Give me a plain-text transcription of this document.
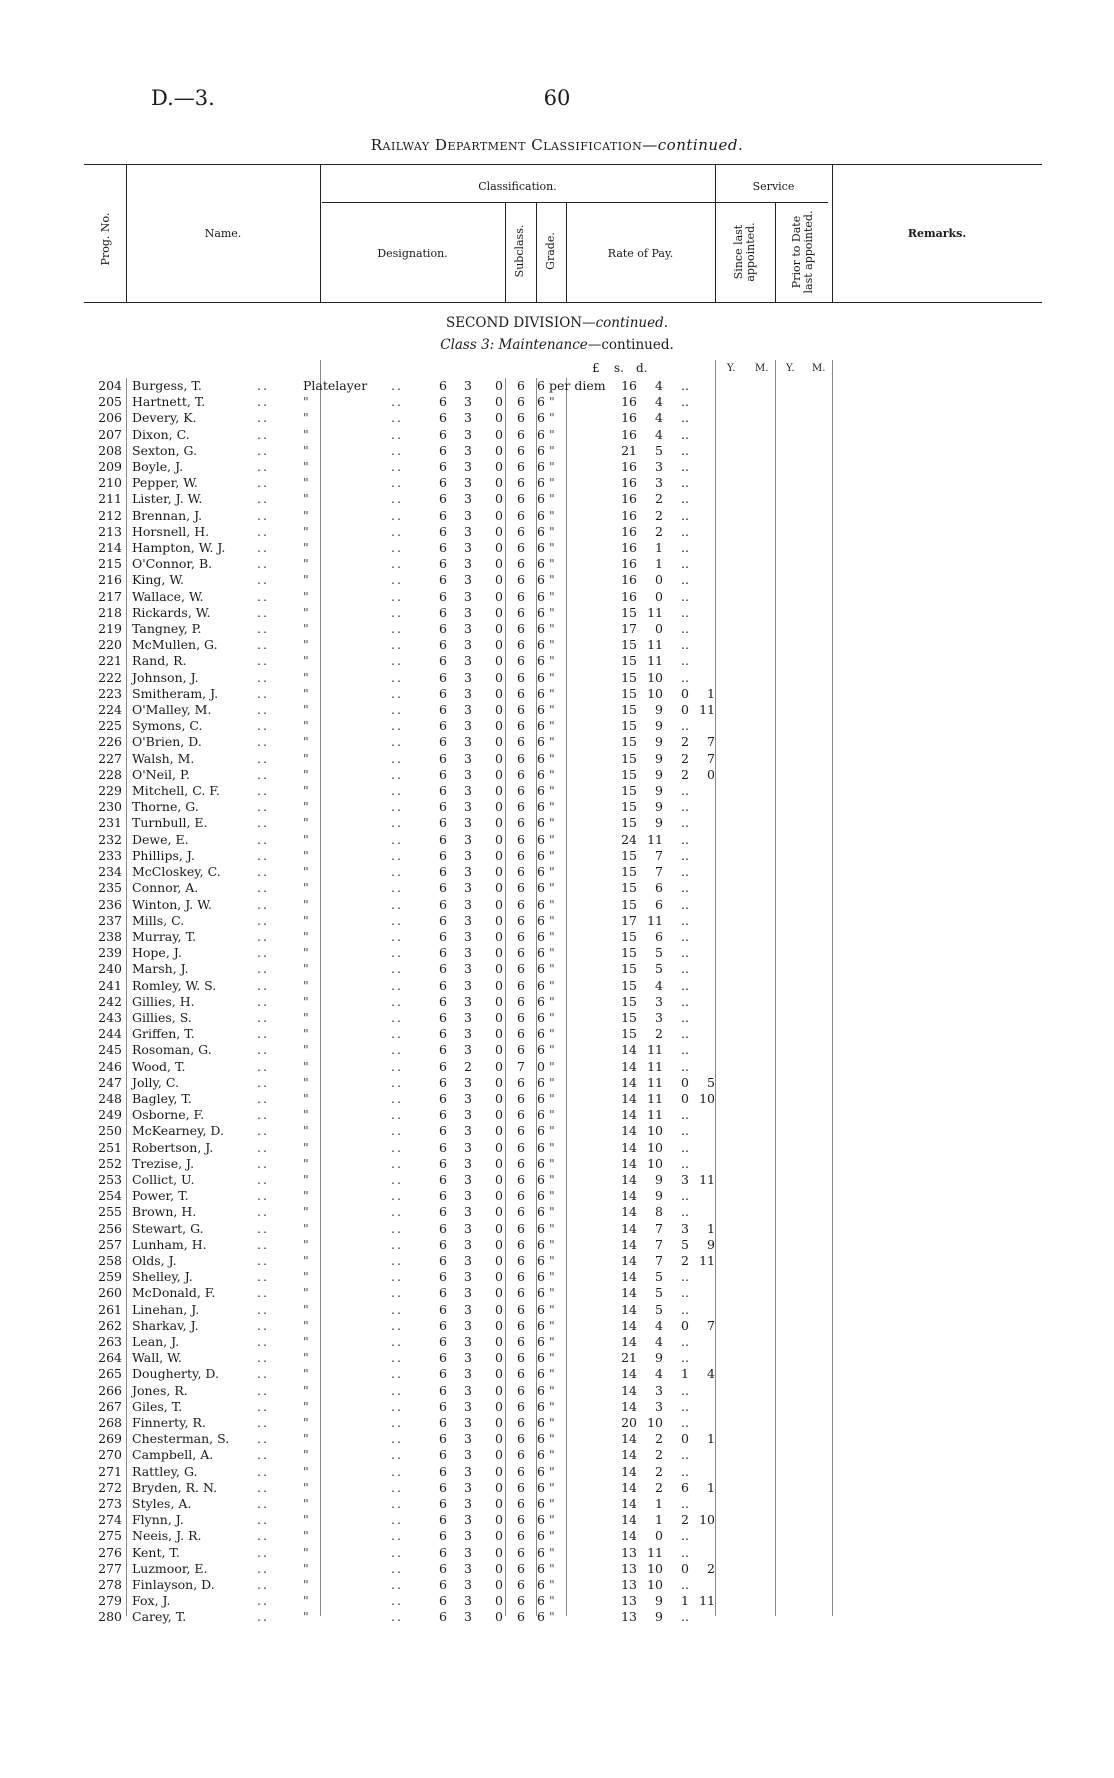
D.—3.	60
Railway Department Classification—continued.
Prog. No.	Name.
Classification.
Designation.	Subclass. Grade.	Rate of Pay.
Service
Since last appointed.	Prior to Date last appointed.	Remarks.
SECOND DIVISION—continued.
Class 3: Maintenance—continued.
£ s. d.	Y. M. Y. M.
204	Burgess, T.	..	Platelayer	..	6	3	0	6	6	per diem	16	4	..	
205	Hartnett, T.	..	"	..	6	3	0	6	6	"	16	4	..	
206	Devery, K.	..	"	..	6	3	0	6	6	"	16	4	..	
207	Dixon, C.	..	"	..	6	3	0	6	6	"	16	4	..	
208	Sexton, G.	..	"	..	6	3	0	6	6	"	21	5	..	
209	Boyle, J.	..	"	..	6	3	0	6	6	"	16	3	..	
210	Pepper, W.	..	"	..	6	3	0	6	6	"	16	3	..	
211	Lister, J. W.	..	"	..	6	3	0	6	6	"	16	2	..	
212	Brennan, J.	..	"	..	6	3	0	6	6	"	16	2	..	
213	Horsnell, H.	..	"	..	6	3	0	6	6	"	16	2	..	
214	Hampton, W. J.	..	"	..	6	3	0	6	6	"	16	1	..	
215	O'Connor, B.	..	"	..	6	3	0	6	6	"	16	1	..	
216	King, W.	..	"	..	6	3	0	6	6	"	16	0	..	
217	Wallace, W.	..	"	..	6	3	0	6	6	"	16	0	..	
218	Rickards, W.	..	"	..	6	3	0	6	6	"	15	11	..	
219	Tangney, P.	..	"	..	6	3	0	6	6	"	17	0	..	
220	McMullen, G.	..	"	..	6	3	0	6	6	"	15	11	..	
221	Rand, R.	..	"	..	6	3	0	6	6	"	15	11	..	
222	Johnson, J.	..	"	..	6	3	0	6	6	"	15	10	..	
223	Smitheram, J.	..	"	..	6	3	0	6	6	"	15	10	0	1
224	O'Malley, M.	..	"	..	6	3	0	6	6	"	15	9	0	11
225	Symons, C.	..	"	..	6	3	0	6	6	"	15	9	..	
226	O'Brien, D.	..	"	..	6	3	0	6	6	"	15	9	2	7
227	Walsh, M.	..	"	..	6	3	0	6	6	"	15	9	2	7
228	O'Neil, P.	..	"	..	6	3	0	6	6	"	15	9	2	0
229	Mitchell, C. F.	..	"	..	6	3	0	6	6	"	15	9	..	
230	Thorne, G.	..	"	..	6	3	0	6	6	"	15	9	..	
231	Turnbull, E.	..	"	..	6	3	0	6	6	"	15	9	..	
232	Dewe, E.	..	"	..	6	3	0	6	6	"	24	11	..	
233	Phillips, J.	..	"	..	6	3	0	6	6	"	15	7	..	
234	McCloskey, C.	..	"	..	6	3	0	6	6	"	15	7	..	
235	Connor, A.	..	"	..	6	3	0	6	6	"	15	6	..	
236	Winton, J. W.	..	"	..	6	3	0	6	6	"	15	6	..	
237	Mills, C.	..	"	..	6	3	0	6	6	"	17	11	..	
238	Murray, T.	..	"	..	6	3	0	6	6	"	15	6	..	
239	Hope, J.	..	"	..	6	3	0	6	6	"	15	5	..	
240	Marsh, J.	..	"	..	6	3	0	6	6	"	15	5	..	
241	Romley, W. S.	..	"	..	6	3	0	6	6	"	15	4	..	
242	Gillies, H.	..	"	..	6	3	0	6	6	"	15	3	..	
243	Gillies, S.	..	"	..	6	3	0	6	6	"	15	3	..	
244	Griffen, T.	..	"	..	6	3	0	6	6	"	15	2	..	
245	Rosoman, G.	..	"	..	6	3	0	6	6	"	14	11	..	
246	Wood, T.	..	"	..	6	2	0	7	0	"	14	11	..	
247	Jolly, C.	..	"	..	6	3	0	6	6	"	14	11	0	5
248	Bagley, T.	..	"	..	6	3	0	6	6	"	14	11	0	10
249	Osborne, F.	..	"	..	6	3	0	6	6	"	14	11	..	
250	McKearney, D.	..	"	..	6	3	0	6	6	"	14	10	..	
251	Robertson, J.	..	"	..	6	3	0	6	6	"	14	10	..	
252	Trezise, J.	..	"	..	6	3	0	6	6	"	14	10	..	
253	Collict, U.	..	"	..	6	3	0	6	6	"	14	9	3	11
254	Power, T.	..	"	..	6	3	0	6	6	"	14	9	..	
255	Brown, H.	..	"	..	6	3	0	6	6	"	14	8	..	
256	Stewart, G.	..	"	..	6	3	0	6	6	"	14	7	3	1
257	Lunham, H.	..	"	..	6	3	0	6	6	"	14	7	5	9
258	Olds, J.	..	"	..	6	3	0	6	6	"	14	7	2	11
259	Shelley, J.	..	"	..	6	3	0	6	6	"	14	5	..	
260	McDonald, F.	..	"	..	6	3	0	6	6	"	14	5	..	
261	Linehan, J.	..	"	..	6	3	0	6	6	"	14	5	..	
262	Sharkav, J.	..	"	..	6	3	0	6	6	"	14	4	0	7
263	Lean, J.	..	"	..	6	3	0	6	6	"	14	4	..	
264	Wall, W.	..	"	..	6	3	0	6	6	"	21	9	..	
265	Dougherty, D.	..	"	..	6	3	0	6	6	"	14	4	1	4
266	Jones, R.	..	"	..	6	3	0	6	6	"	14	3	..	
267	Giles, T.	..	"	..	6	3	0	6	6	"	14	3	..	
268	Finnerty, R.	..	"	..	6	3	0	6	6	"	20	10	..	
269	Chesterman, S.	..	"	..	6	3	0	6	6	"	14	2	0	1
270	Campbell, A.	..	"	..	6	3	0	6	6	"	14	2	..	
271	Rattley, G.	..	"	..	6	3	0	6	6	"	14	2	..	
272	Bryden, R. N.	..	"	..	6	3	0	6	6	"	14	2	6	1
273	Styles, A.	..	"	..	6	3	0	6	6	"	14	1	..	
274	Flynn, J.	..	"	..	6	3	0	6	6	"	14	1	2	10
275	Neeis, J. R.	..	"	..	6	3	0	6	6	"	14	0	..	
276	Kent, T.	..	"	..	6	3	0	6	6	"	13	11	..	
277	Luzmoor, E.	..	"	..	6	3	0	6	6	"	13	10	0	2
278	Finlayson, D.	..	"	..	6	3	0	6	6	"	13	10	..	
279	Fox, J.	..	"	..	6	3	0	6	6	"	13	9	1	11
280	Carey, T.	..	"	..	6	3	0	6	6	"	13	9	..	
